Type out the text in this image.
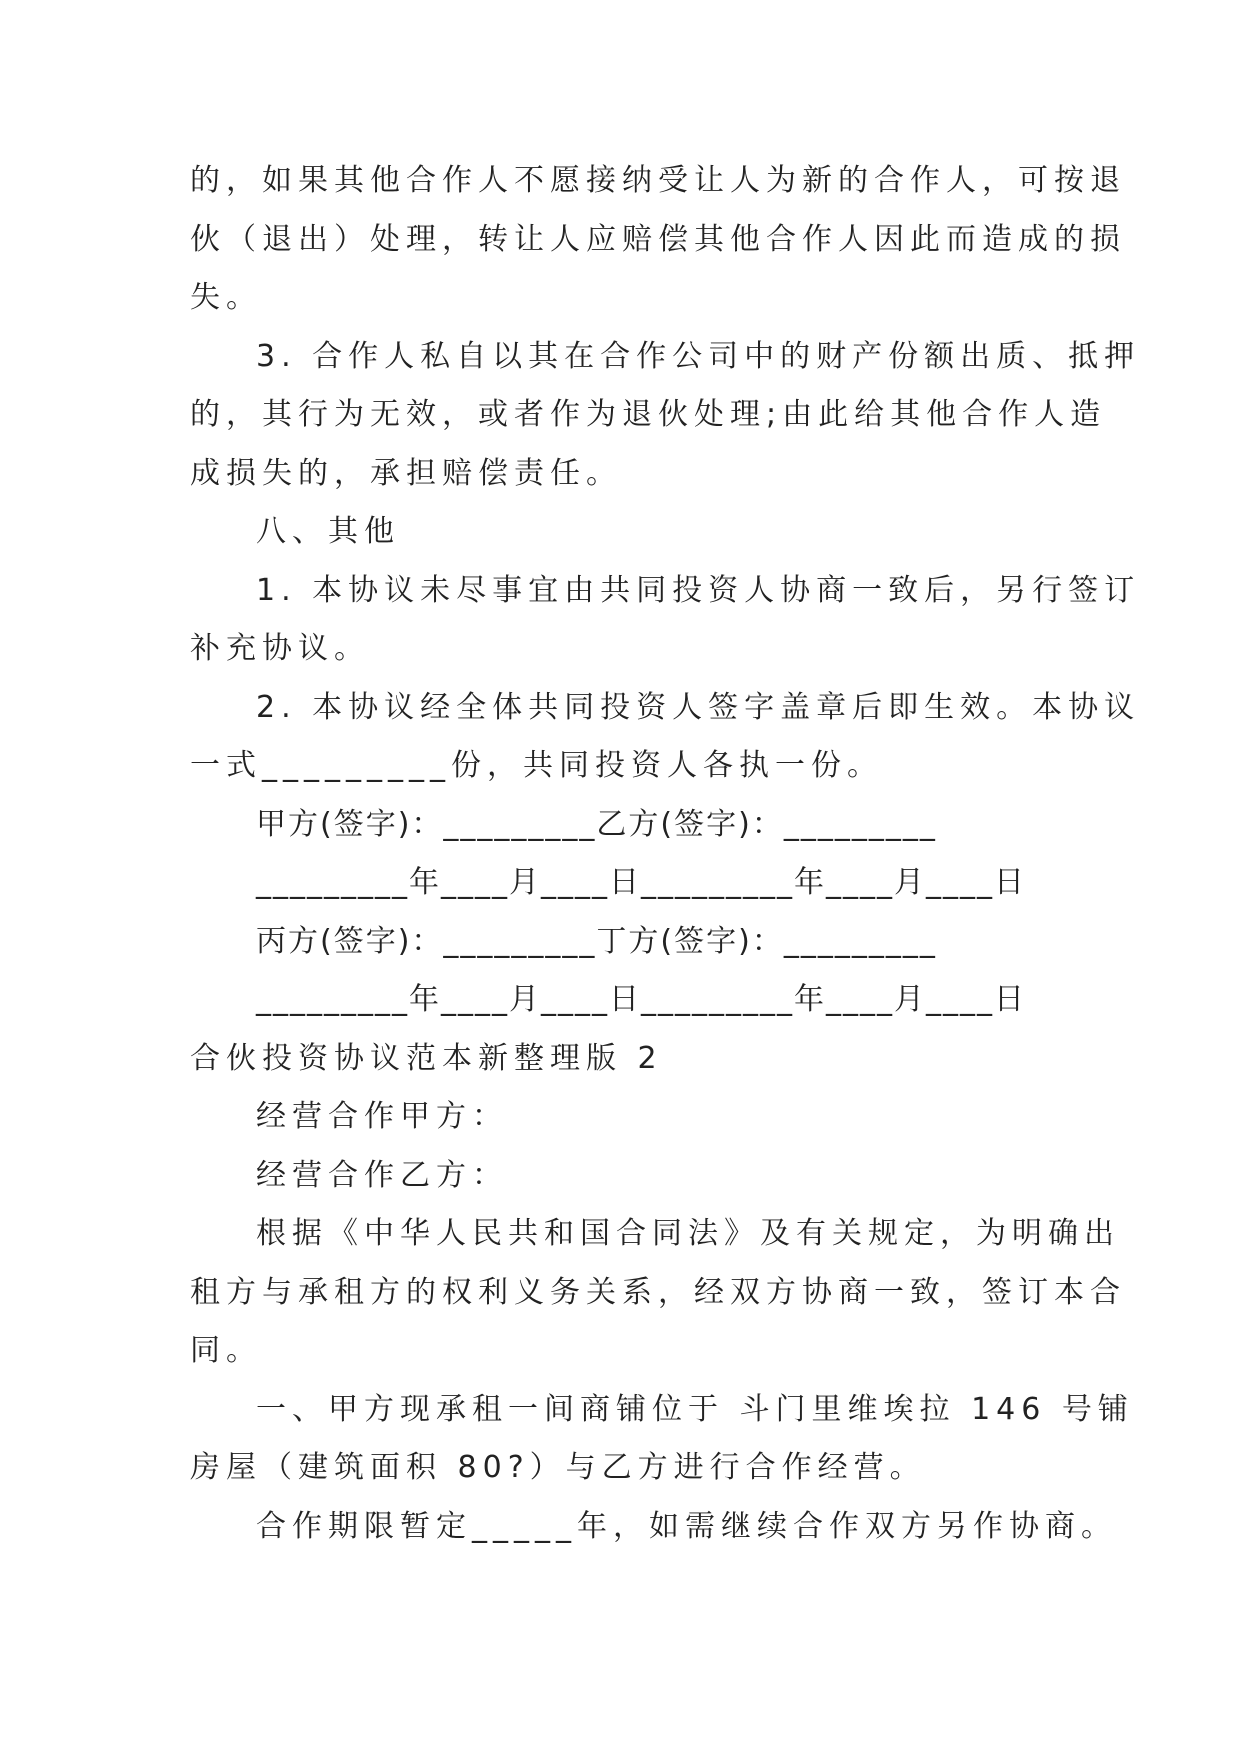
的，如果其他合作人不愿接纳受让人为新的合作人，可按退
伙（退出）处理，转让人应赔偿其他合作人因此而造成的损
失。
3. 合作人私自以其在合作公司中的财产份额出质、抵押
的，其行为无效，或者作为退伙处理;由此给其他合作人造
成损失的，承担赔偿责任。
八、其他
1. 本协议未尽事宜由共同投资人协商一致后，另行签订
补充协议。
2. 本协议经全体共同投资人签字盖章后即生效。本协议
一式_________份，共同投资人各执一份。
甲方(签字)：_________乙方(签字)：_________
_________年____月____日_________年____月____日
丙方(签字)：_________丁方(签字)：_________
_________年____月____日_________年____月____日
合伙投资协议范本新整理版 2
经营合作甲方：
经营合作乙方：
根据《中华人民共和国合同法》及有关规定，为明确出
租方与承租方的权利义务关系，经双方协商一致，签订本合
同。
一、甲方现承租一间商铺位于 斗门里维埃拉 146 号铺
房屋（建筑面积 80?）与乙方进行合作经营。
合作期限暂定_____年，如需继续合作双方另作协商。
